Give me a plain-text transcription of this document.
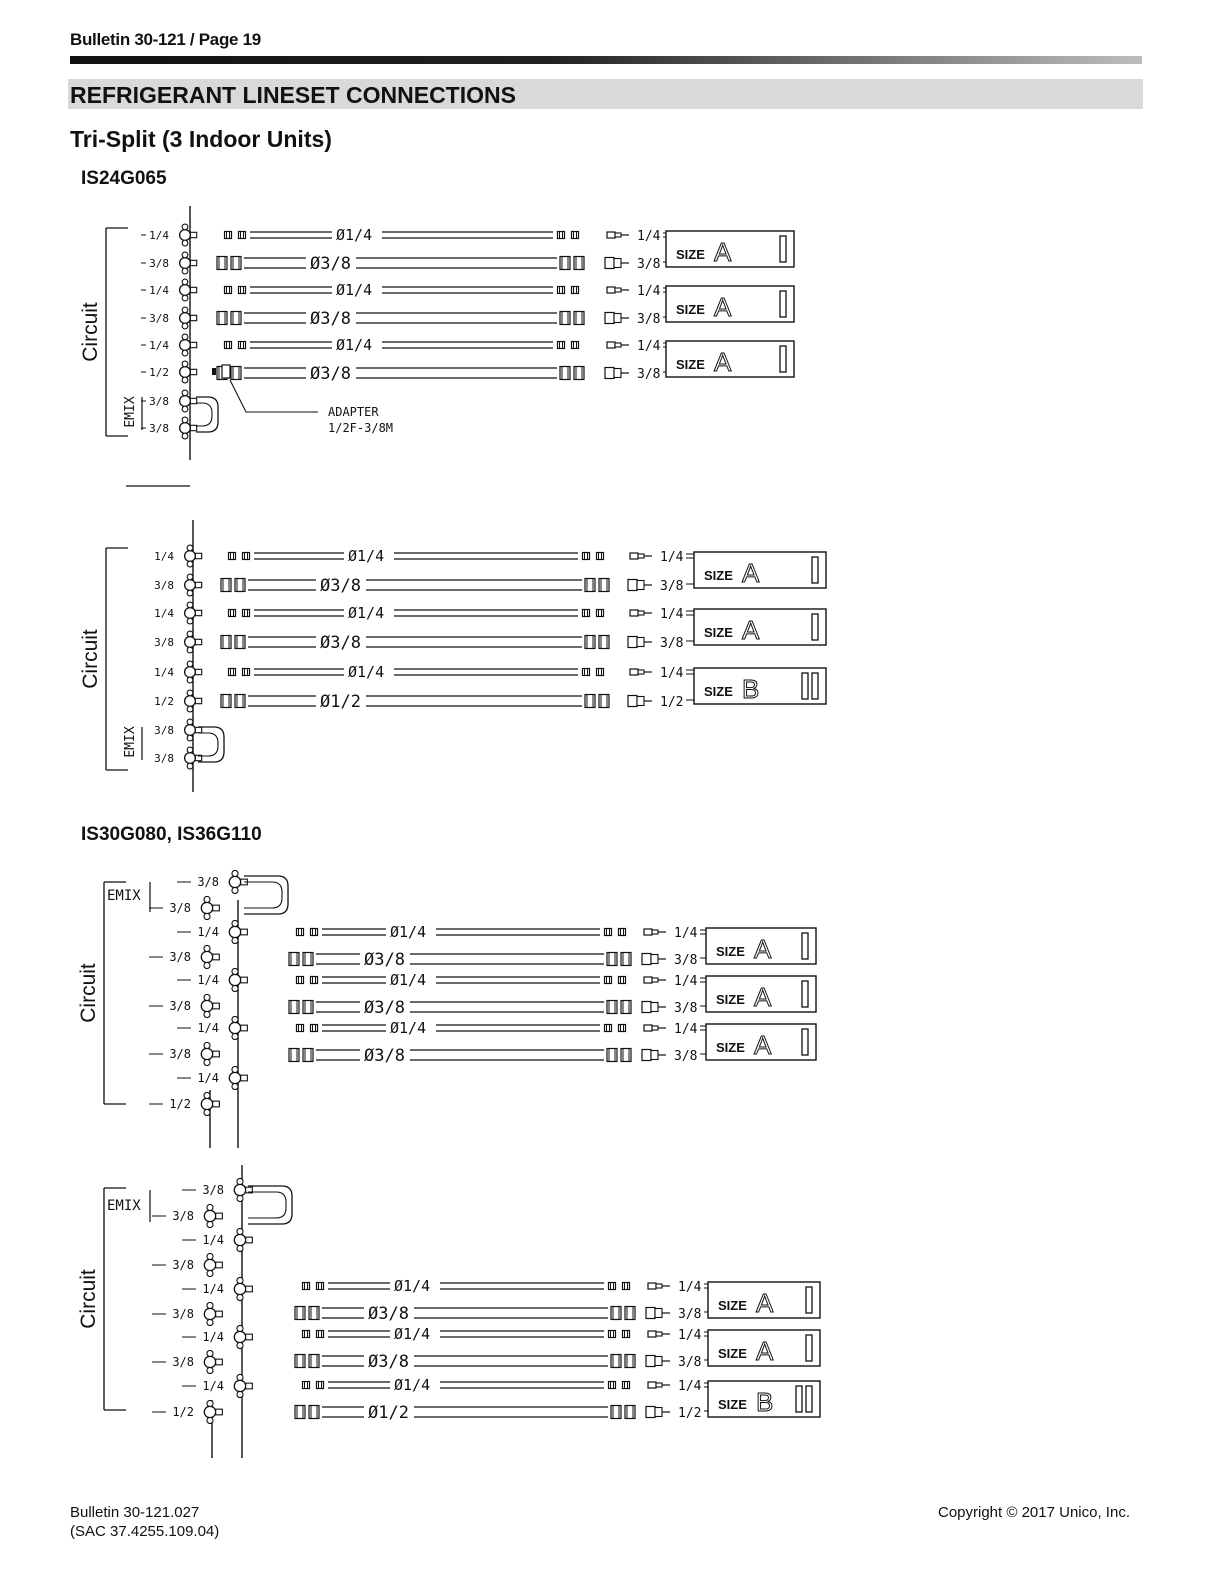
Bulletin 30-121 / Page 19
REFRIGERANT LINESET CONNECTIONS
Tri-Split (3 Indoor Units)
IS24G065
IS30G080, IS36G110
Circuit
EMIX
1/4
3/8
1/4
3/8
1/4
1/2
3/8
3/8
Ø1/4
Ø3/8
1/4
3/8
SIZE A
Ø1/4
Ø3/8
1/4
3/8
SIZE A
Ø1/4
Ø3/8
1/4
3/8
SIZE A
Circuit
EMIX
1/4
3/8
1/4
3/8
1/4
1/2
3/8
3/8
Ø1/4
Ø3/8
1/4
3/8
SIZE A
Ø1/4
Ø3/8
1/4
3/8
SIZE A
Ø1/4
Ø1/2
1/4
1/2
SIZE B
Circuit
EMIX
3/8
3/8
1/4
3/8
1/4
3/8
1/4
3/8
1/4
1/2
Ø1/4
Ø3/8
1/4
3/8
SIZE A
Ø1/4
Ø3/8
1/4
3/8
SIZE A
Ø1/4
Ø3/8
1/4
3/8
SIZE A
Circuit
EMIX
3/8
3/8
1/4
3/8
1/4
3/8
1/4
3/8
1/4
1/2
Ø1/4
Ø3/8
1/4
3/8
SIZE A
Ø1/4
Ø3/8
1/4
3/8
SIZE A
Ø1/4
Ø1/2
1/4
1/2
SIZE B
ADAPTER
1/2F-3/8M
Bulletin 30-121.027
(SAC 37.4255.109.04)
Copyright © 2017 Unico, Inc.
